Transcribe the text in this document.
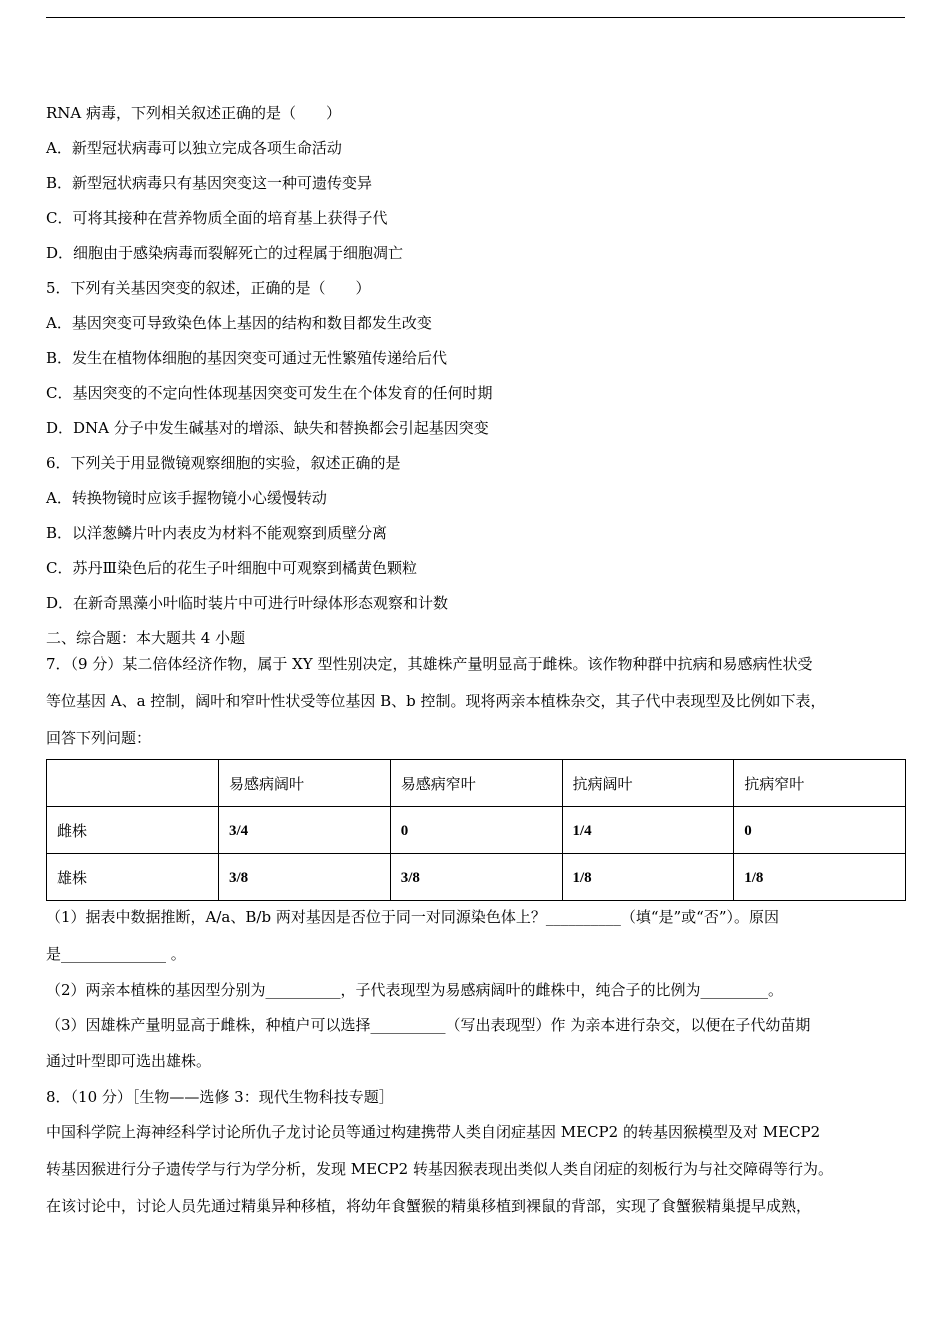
RNA 病毒，下列相关叙述正确的是（　　）
A．新型冠状病毒可以独立完成各项生命活动
B．新型冠状病毒只有基因突变这一种可遗传变异
C．可将其接种在营养物质全面的培育基上获得子代
D．细胞由于感染病毒而裂解死亡的过程属于细胞凋亡
5．下列有关基因突变的叙述，正确的是（　　）
A．基因突变可导致染色体上基因的结构和数目都发生改变
B．发生在植物体细胞的基因突变可通过无性繁殖传递给后代
C．基因突变的不定向性体现基因突变可发生在个体发育的任何时期
D．DNA 分子中发生碱基对的增添、缺失和替换都会引起基因突变
6．下列关于用显微镜观察细胞的实验，叙述正确的是
A．转换物镜时应该手握物镜小心缓慢转动
B．以洋葱鳞片叶内表皮为材料不能观察到质壁分离
C．苏丹Ⅲ染色后的花生子叶细胞中可观察到橘黄色颗粒
D．在新奇黑藻小叶临时装片中可进行叶绿体形态观察和计数
二、综合题：本大题共 4 小题
7．（9 分）某二倍体经济作物，属于 XY 型性别决定，其雄株产量明显高于雌株。该作物种群中抗病和易感病性状受
等位基因 A、a 控制，阔叶和窄叶性状受等位基因 B、b 控制。现将两亲本植株杂交，其子代中表现型及比例如下表，
回答下列问题：
	易感病阔叶	易感病窄叶	抗病阔叶	抗病窄叶
雌株	3/4	0	1/4	0
雄株	3/8	3/8	1/8	1/8
（1）据表中数据推断，A/a、B/b 两对基因是否位于同一对同源染色体上？__________（填“是”或“否”）。原因
是______________ 。
（2）两亲本植株的基因型分别为__________，子代表现型为易感病阔叶的雌株中，纯合子的比例为_________。
（3）因雄株产量明显高于雌株，种植户可以选择__________（写出表现型）作 为亲本进行杂交，以便在子代幼苗期
通过叶型即可选出雄株。
8．（10 分）［生物——选修 3：现代生物科技专题］
中国科学院上海神经科学讨论所仇子龙讨论员等通过构建携带人类自闭症基因 MECP2 的转基因猴模型及对 MECP2
转基因猴进行分子遗传学与行为学分析，发现 MECP2 转基因猴表现出类似人类自闭症的刻板行为与社交障碍等行为。
在该讨论中，讨论人员先通过精巢异种移植，将幼年食蟹猴的精巢移植到裸鼠的背部，实现了食蟹猴精巢提早成熟，
